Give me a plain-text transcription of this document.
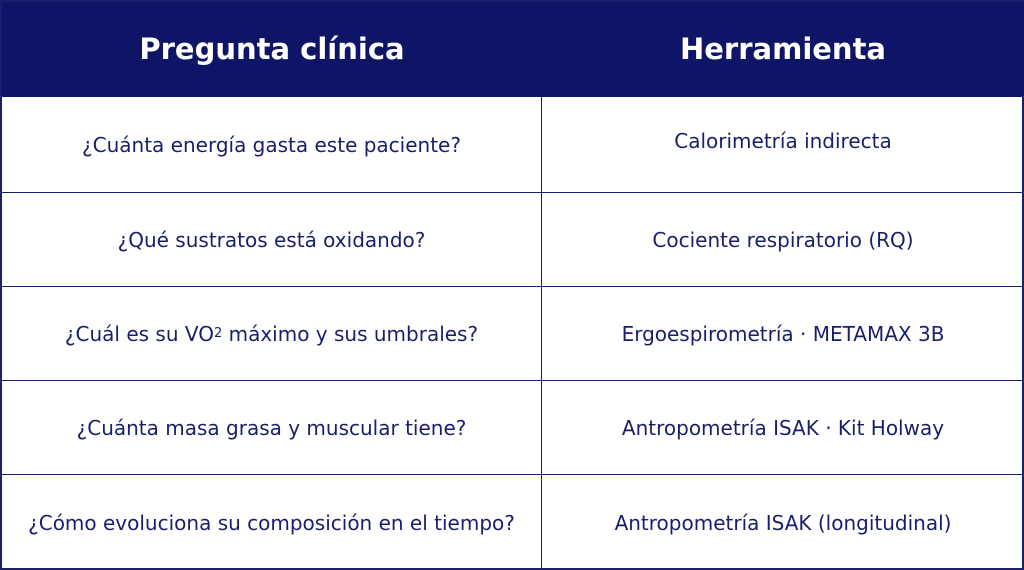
Pregunta clínica	Herramienta
¿Cuánta energía gasta este paciente?	Calorimetría indirecta
¿Qué sustratos está oxidando?	Cociente respiratorio (RQ)
¿Cuál es su VO 2 máximo y sus umbrales?	Ergoespirometría · METAMAX 3B
¿Cuánta masa grasa y muscular tiene?	Antropometría ISAK · Kit Holway
¿Cómo evoluciona su composición en el tiempo?	Antropometría ISAK (longitudinal)
